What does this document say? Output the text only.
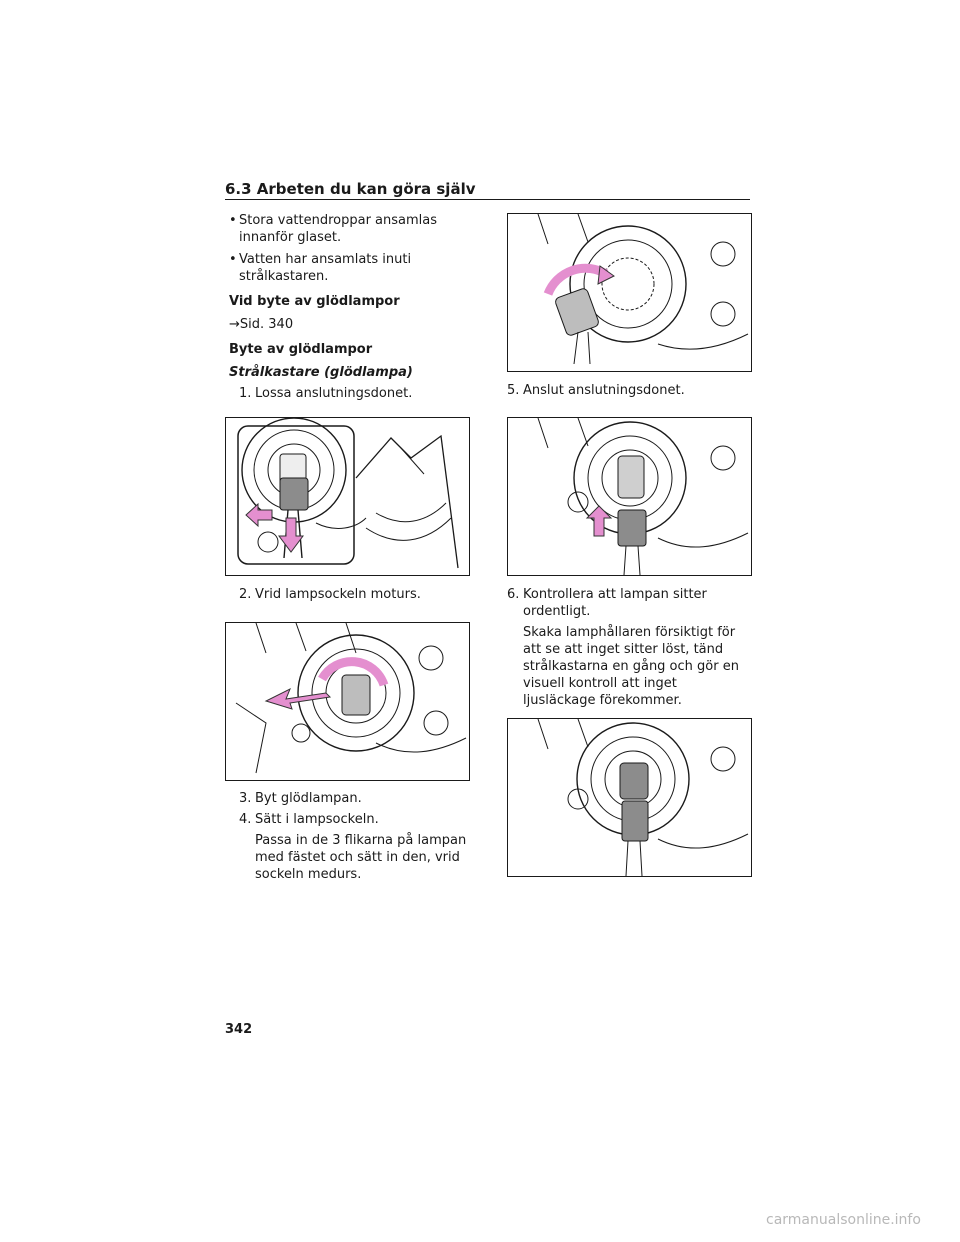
6.3 Arbeten du kan göra själv
• Stora vattendroppar ansamlas innanför glaset.
• Vatten har ansamlats inuti strålkastaren.
Vid byte av glödlampor
→Sid. 340
Byte av glödlampor
Strålkastare (glödlampa)
1. Lossa anslutningsdonet.
2. Vrid lampsockeln moturs.
3. Byt glödlampan.
4. Sätt i lampsockeln.
Passa in de 3 flikarna på lampan med fästet och sätt in den, vrid sockeln medurs.
5. Anslut anslutningsdonet.
6. Kontrollera att lampan sitter ordentligt.
Skaka lamphållaren försiktigt för att se att inget sitter löst, tänd strålkastarna en gång och gör en visuell kontroll att inget ljusläckage förekommer.
342
carmanualsonline.info
